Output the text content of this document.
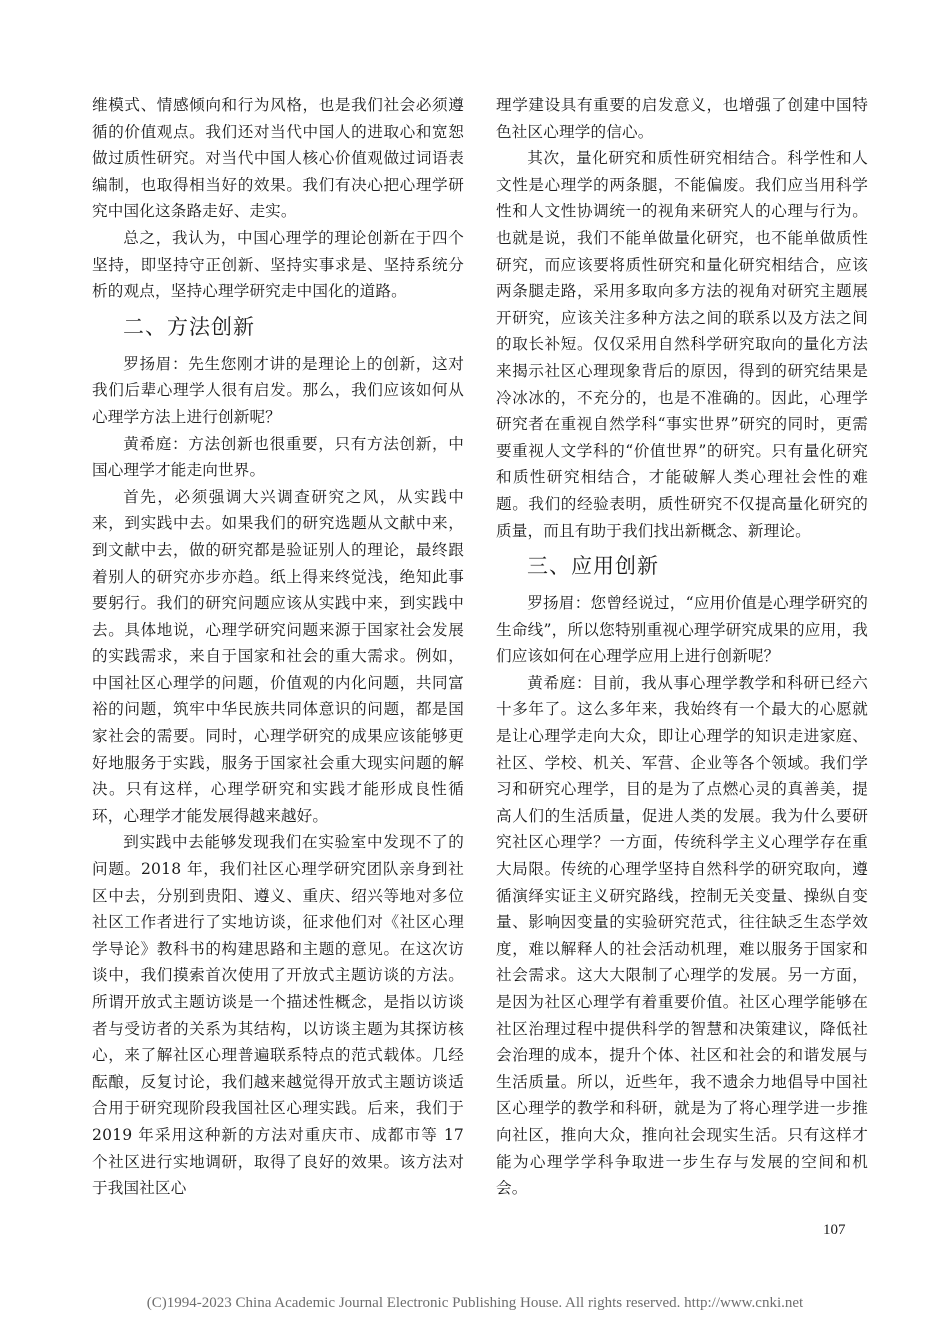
维模式、情感倾向和行为风格，也是我们社会必须遵循的价值观点。我们还对当代中国人的进取心和宽恕做过质性研究。对当代中国人核心价值观做过词语表编制，也取得相当好的效果。我们有决心把心理学研究中国化这条路走好、走实。

总之，我认为，中国心理学的理论创新在于四个坚持，即坚持守正创新、坚持实事求是、坚持系统分析的观点，坚持心理学研究走中国化的道路。

二、方法创新

罗扬眉：先生您刚才讲的是理论上的创新，这对我们后辈心理学人很有启发。那么，我们应该如何从心理学方法上进行创新呢？

黄希庭：方法创新也很重要，只有方法创新，中国心理学才能走向世界。

首先，必须强调大兴调查研究之风，从实践中来，到实践中去。如果我们的研究选题从文献中来，到文献中去，做的研究都是验证别人的理论，最终跟着别人的研究亦步亦趋。纸上得来终觉浅，绝知此事要躬行。我们的研究问题应该从实践中来，到实践中去。具体地说，心理学研究问题来源于国家社会发展的实践需求，来自于国家和社会的重大需求。例如，中国社区心理学的问题，价值观的内化问题，共同富裕的问题，筑牢中华民族共同体意识的问题，都是国家社会的需要。同时，心理学研究的成果应该能够更好地服务于实践，服务于国家社会重大现实问题的解决。只有这样，心理学研究和实践才能形成良性循环，心理学才能发展得越来越好。

到实践中去能够发现我们在实验室中发现不了的问题。2018 年，我们社区心理学研究团队亲身到社区中去，分别到贵阳、遵义、重庆、绍兴等地对多位社区工作者进行了实地访谈，征求他们对《社区心理学导论》教科书的构建思路和主题的意见。在这次访谈中，我们摸索首次使用了开放式主题访谈的方法。所谓开放式主题访谈是一个描述性概念，是指以访谈者与受访者的关系为其结构，以访谈主题为其探访核心，来了解社区心理普遍联系特点的范式载体。几经酝酿，反复讨论，我们越来越觉得开放式主题访谈适合用于研究现阶段我国社区心理实践。后来，我们于 2019 年采用这种新的方法对重庆市、成都市等 17 个社区进行实地调研，取得了良好的效果。该方法对于我国社区心

理学建设具有重要的启发意义，也增强了创建中国特色社区心理学的信心。

其次，量化研究和质性研究相结合。科学性和人文性是心理学的两条腿，不能偏废。我们应当用科学性和人文性协调统一的视角来研究人的心理与行为。也就是说，我们不能单做量化研究，也不能单做质性研究，而应该要将质性研究和量化研究相结合，应该两条腿走路，采用多取向多方法的视角对研究主题展开研究，应该关注多种方法之间的联系以及方法之间的取长补短。仅仅采用自然科学研究取向的量化方法来揭示社区心理现象背后的原因，得到的研究结果是冷冰冰的，不充分的，也是不准确的。因此，心理学研究者在重视自然学科“事实世界”研究的同时，更需要重视人文学科的“价值世界”的研究。只有量化研究和质性研究相结合，才能破解人类心理社会性的难题。我们的经验表明，质性研究不仅提高量化研究的质量，而且有助于我们找出新概念、新理论。

三、应用创新

罗扬眉：您曾经说过，“应用价值是心理学研究的生命线”，所以您特别重视心理学研究成果的应用，我们应该如何在心理学应用上进行创新呢？

黄希庭：目前，我从事心理学教学和科研已经六十多年了。这么多年来，我始终有一个最大的心愿就是让心理学走向大众，即让心理学的知识走进家庭、社区、学校、机关、军营、企业等各个领域。我们学习和研究心理学，目的是为了点燃心灵的真善美，提高人们的生活质量，促进人类的发展。我为什么要研究社区心理学？一方面，传统科学主义心理学存在重大局限。传统的心理学坚持自然科学的研究取向，遵循演绎实证主义研究路线，控制无关变量、操纵自变量、影响因变量的实验研究范式，往往缺乏生态学效度，难以解释人的社会活动机理，难以服务于国家和社会需求。这大大限制了心理学的发展。另一方面，是因为社区心理学有着重要价值。社区心理学能够在社区治理过程中提供科学的智慧和决策建议，降低社会治理的成本，提升个体、社区和社会的和谐发展与生活质量。所以，近些年，我不遗余力地倡导中国社区心理学的教学和科研，就是为了将心理学进一步推向社区，推向大众，推向社会现实生活。只有这样才能为心理学学科争取进一步生存与发展的空间和机会。

107
(C)1994-2023 China Academic Journal Electronic Publishing House. All rights reserved. http://www.cnki.net
